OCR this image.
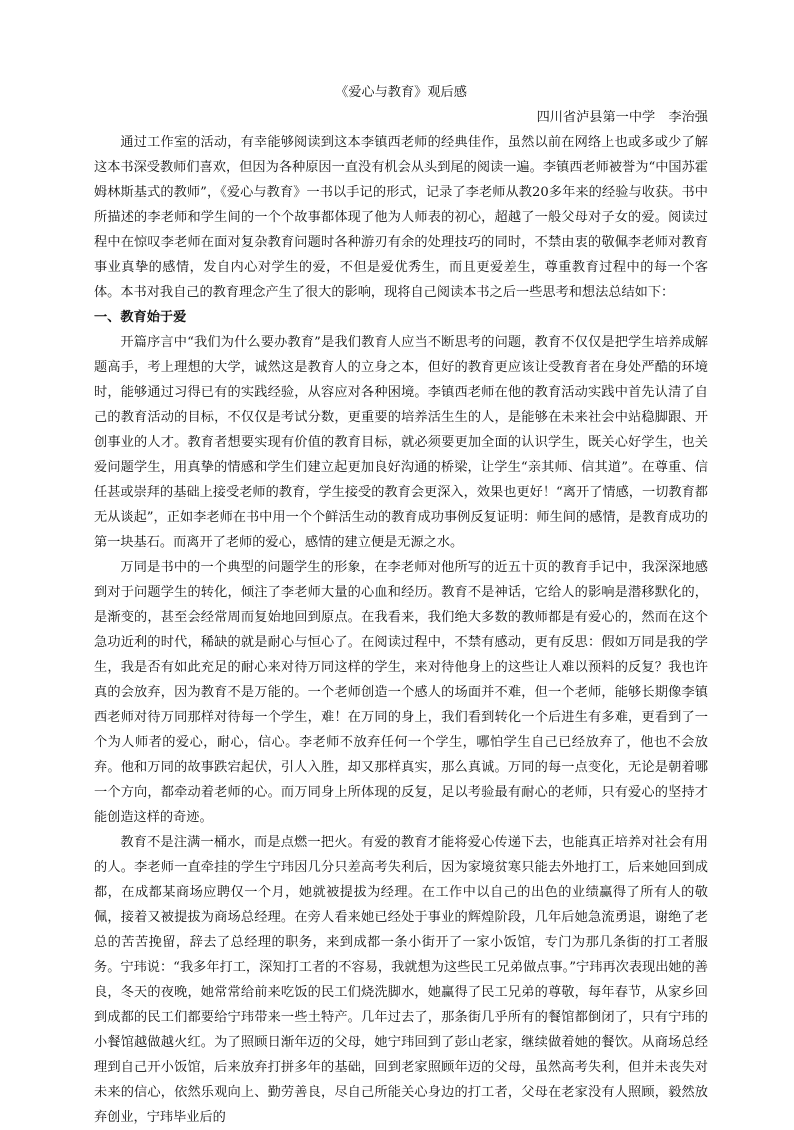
《爱心与教育》观后感

四川省泸县第一中学　李治强

通过工作室的活动，有幸能够阅读到这本李镇西老师的经典佳作，虽然以前在网络上也或多或少了解这本书深受教师们喜欢，但因为各种原因一直没有机会从头到尾的阅读一遍。李镇西老师被誉为“中国苏霍姆林斯基式的教师”，《爱心与教育》一书以手记的形式，记录了李老师从教20多年来的经验与收获。书中所描述的李老师和学生间的一个个故事都体现了他为人师表的初心，超越了一般父母对子女的爱。阅读过程中在惊叹李老师在面对复杂教育问题时各种游刃有余的处理技巧的同时，不禁由衷的敬佩李老师对教育事业真挚的感情，发自内心对学生的爱，不但是爱优秀生，而且更爱差生，尊重教育过程中的每一个客体。本书对我自己的教育理念产生了很大的影响，现将自己阅读本书之后一些思考和想法总结如下：

一、教育始于爱

开篇序言中“我们为什么要办教育”是我们教育人应当不断思考的问题，教育不仅仅是把学生培养成解题高手，考上理想的大学，诚然这是教育人的立身之本，但好的教育更应该让受教育者在身处严酷的环境时，能够通过习得已有的实践经验，从容应对各种困境。李镇西老师在他的教育活动实践中首先认清了自己的教育活动的目标，不仅仅是考试分数，更重要的培养活生生的人，是能够在未来社会中站稳脚跟、开创事业的人才。教育者想要实现有价值的教育目标，就必须要更加全面的认识学生，既关心好学生，也关爱问题学生，用真挚的情感和学生们建立起更加良好沟通的桥梁，让学生“亲其师、信其道”。在尊重、信任甚或崇拜的基础上接受老师的教育，学生接受的教育会更深入，效果也更好！“离开了情感，一切教育都无从谈起”，正如李老师在书中用一个个鲜活生动的教育成功事例反复证明：师生间的感情，是教育成功的第一块基石。而离开了老师的爱心，感情的建立便是无源之水。

万同是书中的一个典型的问题学生的形象，在李老师对他所写的近五十页的教育手记中，我深深地感到对于问题学生的转化，倾注了李老师大量的心血和经历。教育不是神话，它给人的影响是潜移默化的，是渐变的，甚至会经常周而复始地回到原点。在我看来，我们绝大多数的教师都是有爱心的，然而在这个急功近利的时代，稀缺的就是耐心与恒心了。在阅读过程中，不禁有感动，更有反思：假如万同是我的学生，我是否有如此充足的耐心来对待万同这样的学生，来对待他身上的这些让人难以预料的反复？我也许真的会放弃，因为教育不是万能的。一个老师创造一个感人的场面并不难，但一个老师，能够长期像李镇西老师对待万同那样对待每一个学生，难！在万同的身上，我们看到转化一个后进生有多难，更看到了一个为人师者的爱心，耐心，信心。李老师不放弃任何一个学生，哪怕学生自己已经放弃了，他也不会放弃。他和万同的故事跌宕起伏，引人入胜，却又那样真实，那么真诚。万同的每一点变化，无论是朝着哪一个方向，都牵动着老师的心。而万同身上所体现的反复，足以考验最有耐心的老师，只有爱心的坚持才能创造这样的奇迹。

教育不是注满一桶水，而是点燃一把火。有爱的教育才能将爱心传递下去，也能真正培养对社会有用的人。李老师一直牵挂的学生宁玮因几分只差高考失利后，因为家境贫寒只能去外地打工，后来她回到成都，在成都某商场应聘仅一个月，她就被提拔为经理。在工作中以自己的出色的业绩赢得了所有人的敬佩，接着又被提拔为商场总经理。在旁人看来她已经处于事业的辉煌阶段，几年后她急流勇退，谢绝了老总的苦苦挽留，辞去了总经理的职务，来到成都一条小街开了一家小饭馆，专门为那几条街的打工者服务。宁玮说：“我多年打工，深知打工者的不容易，我就想为这些民工兄弟做点事。”宁玮再次表现出她的善良，冬天的夜晚，她常常给前来吃饭的民工们烧洗脚水，她赢得了民工兄弟的尊敬，每年春节，从家乡回到成都的民工们都要给宁玮带来一些土特产。几年过去了，那条街几乎所有的餐馆都倒闭了，只有宁玮的小餐馆越做越火红。为了照顾日渐年迈的父母，她宁玮回到了彭山老家，继续做着她的餐饮。从商场总经理到自己开小饭馆，后来放弃打拼多年的基础，回到老家照顾年迈的父母，虽然高考失利，但并未丧失对未来的信心，依然乐观向上、勤劳善良，尽自己所能关心身边的打工者，父母在老家没有人照顾，毅然放弃创业，宁玮毕业后的
